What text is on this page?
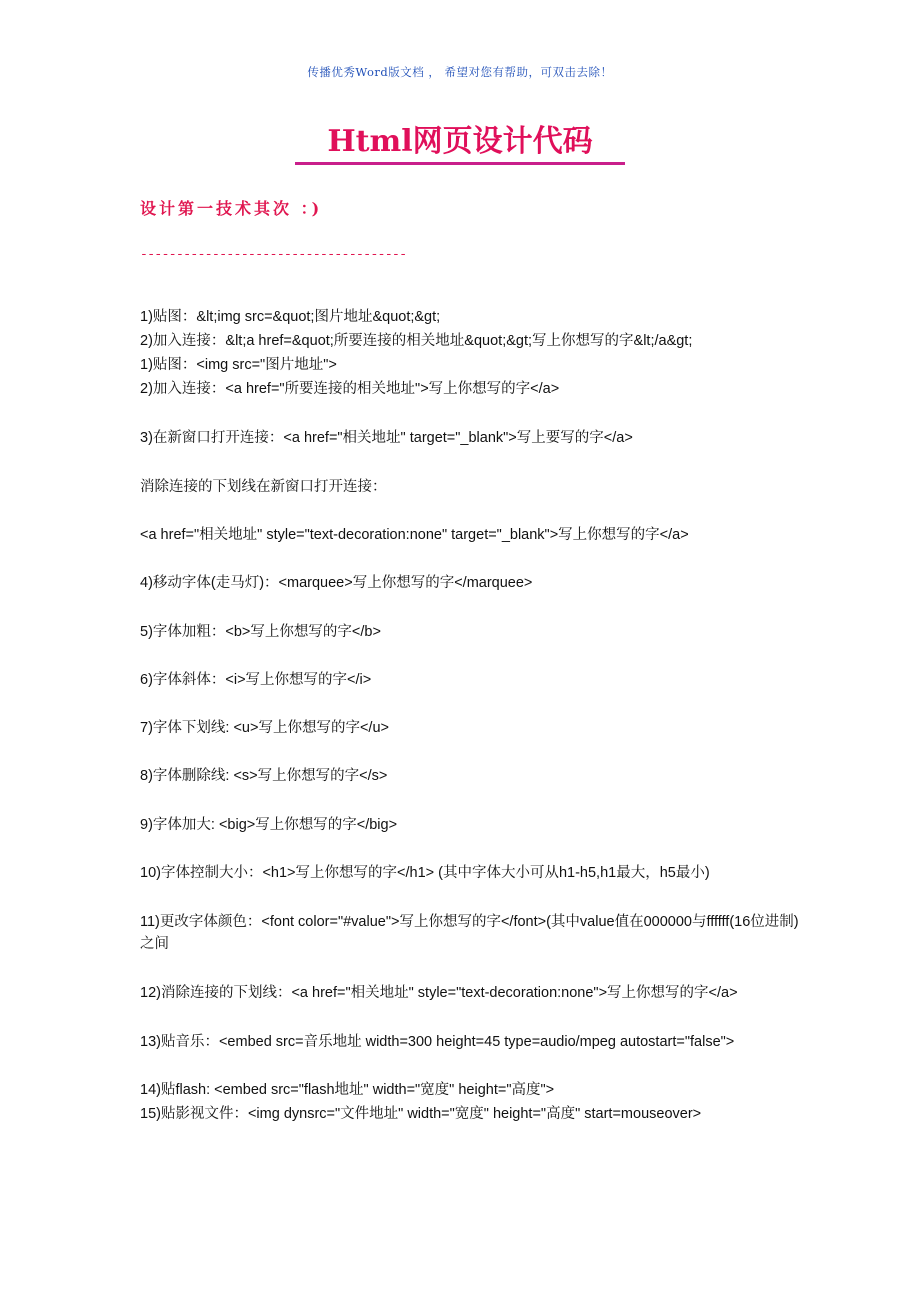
传播优秀Word版文档 ， 希望对您有帮助，可双击去除！
Html网页设计代码
设计第一技术其次 ：)
-------------------------------------
1)贴图：&lt;img src=&quot;图片地址&quot;&gt;
2)加入连接：&lt;a href=&quot;所要连接的相关地址&quot;&gt;写上你想写的字&lt;/a&gt;
1)贴图：<img src="图片地址">
2)加入连接：<a href="所要连接的相关地址">写上你想写的字</a>
3)在新窗口打开连接：<a href="相关地址" target="_blank">写上要写的字</a>
消除连接的下划线在新窗口打开连接：
<a href="相关地址" style="text-decoration:none" target="_blank">写上你想写的字</a>
4)移动字体(走马灯)：<marquee>写上你想写的字</marquee>
5)字体加粗：<b>写上你想写的字</b>
6)字体斜体：<i>写上你想写的字</i>
7)字体下划线: <u>写上你想写的字</u>
8)字体删除线: <s>写上你想写的字</s>
9)字体加大: <big>写上你想写的字</big>
10)字体控制大小：<h1>写上你想写的字</h1> (其中字体大小可从h1-h5,h1最大，h5最小)
11)更改字体颜色：<font color="#value">写上你想写的字</font>(其中value值在000000与ffffff(16位进制)之间
12)消除连接的下划线：<a href="相关地址" style="text-decoration:none">写上你想写的字</a>
13)贴音乐：<embed src=音乐地址 width=300 height=45 type=audio/mpeg autostart="false">
14)贴flash: <embed src="flash地址" width="宽度" height="高度">
15)贴影视文件：<img dynsrc="文件地址" width="宽度" height="高度" start=mouseover>
